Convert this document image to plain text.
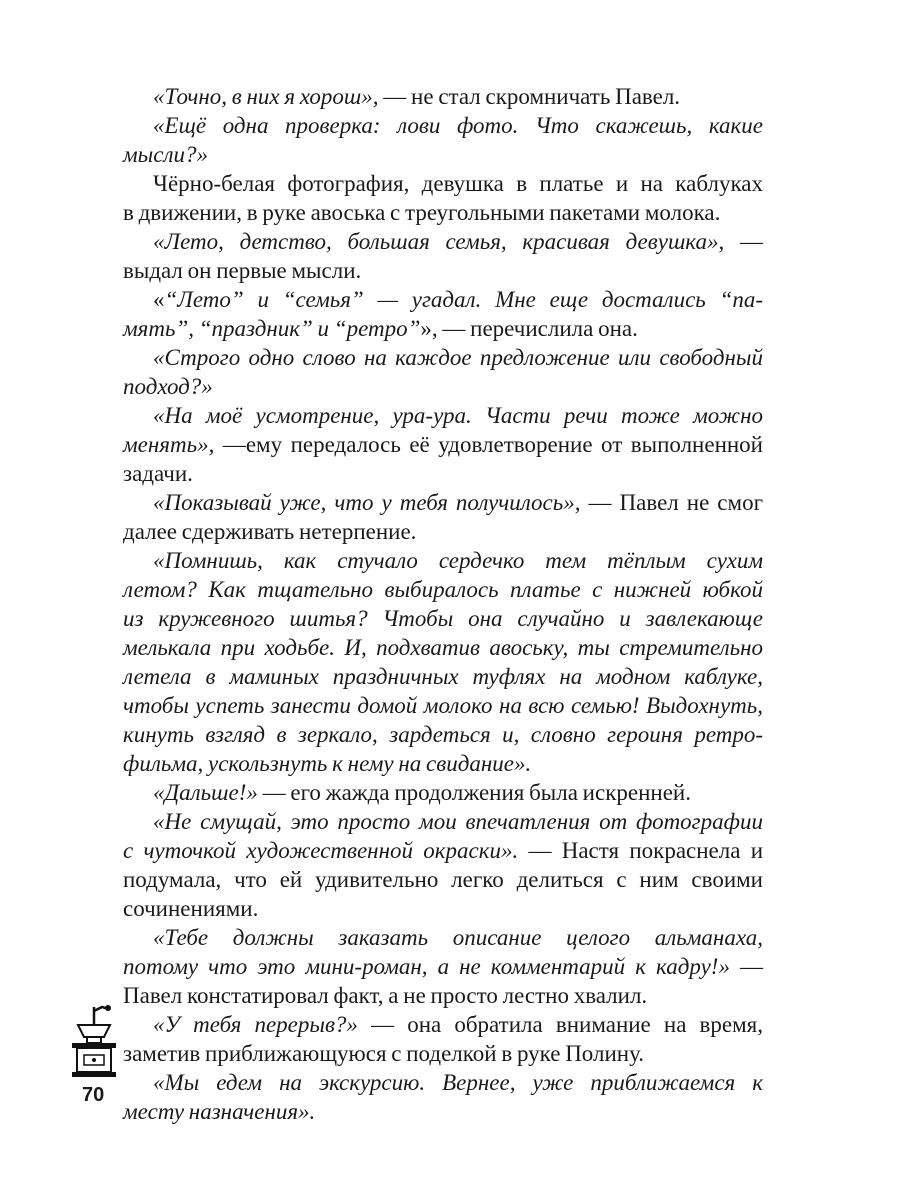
«Точно, в них я хорош», — не стал скромничать Павел.
«Ещё одна проверка: лови фото. Что скажешь, какие
мысли?»
Чёрно-белая фотография, девушка в платье и на каблуках
в движении, в руке авоська с треугольными пакетами молока.
«Лето, детство, большая семья, красивая девушка», —
выдал он первые мысли.
«“Лето” и “семья” — угадал. Мне еще достались “па-
мять”, “праздник” и “ретро”», — перечислила она.
«Строго одно слово на каждое предложение или свободный
подход?»
«На моё усмотрение, ура-ура. Части речи тоже можно
менять», —ему передалось её удовлетворение от выполненной
задачи.
«Показывай уже, что у тебя получилось», — Павел не смог
далее сдерживать нетерпение.
«Помнишь, как стучало сердечко тем тёплым сухим
летом? Как тщательно выбиралось платье с нижней юбкой
из кружевного шитья? Чтобы она случайно и завлекающе
мелькала при ходьбе. И, подхватив авоську, ты стремительно
летела в маминых праздничных туфлях на модном каблуке,
чтобы успеть занести домой молоко на всю семью! Выдохнуть,
кинуть взгляд в зеркало, зардеться и, словно героиня ретро-
фильма, ускользнуть к нему на свидание».
«Дальше!» — его жажда продолжения была искренней.
«Не смущай, это просто мои впечатления от фотографии
с чуточкой художественной окраски». — Настя покраснела и
подумала, что ей удивительно легко делиться с ним своими
сочинениями.
«Тебе должны заказать описание целого альманаха,
потому что это мини-роман, а не комментарий к кадру!» —
Павел констатировал факт, а не просто лестно хвалил.
«У тебя перерыв?» — она обратила внимание на время,
заметив приближающуюся с поделкой в руке Полину.
«Мы едем на экскурсию. Вернее, уже приближаемся к
месту назначения».
70
